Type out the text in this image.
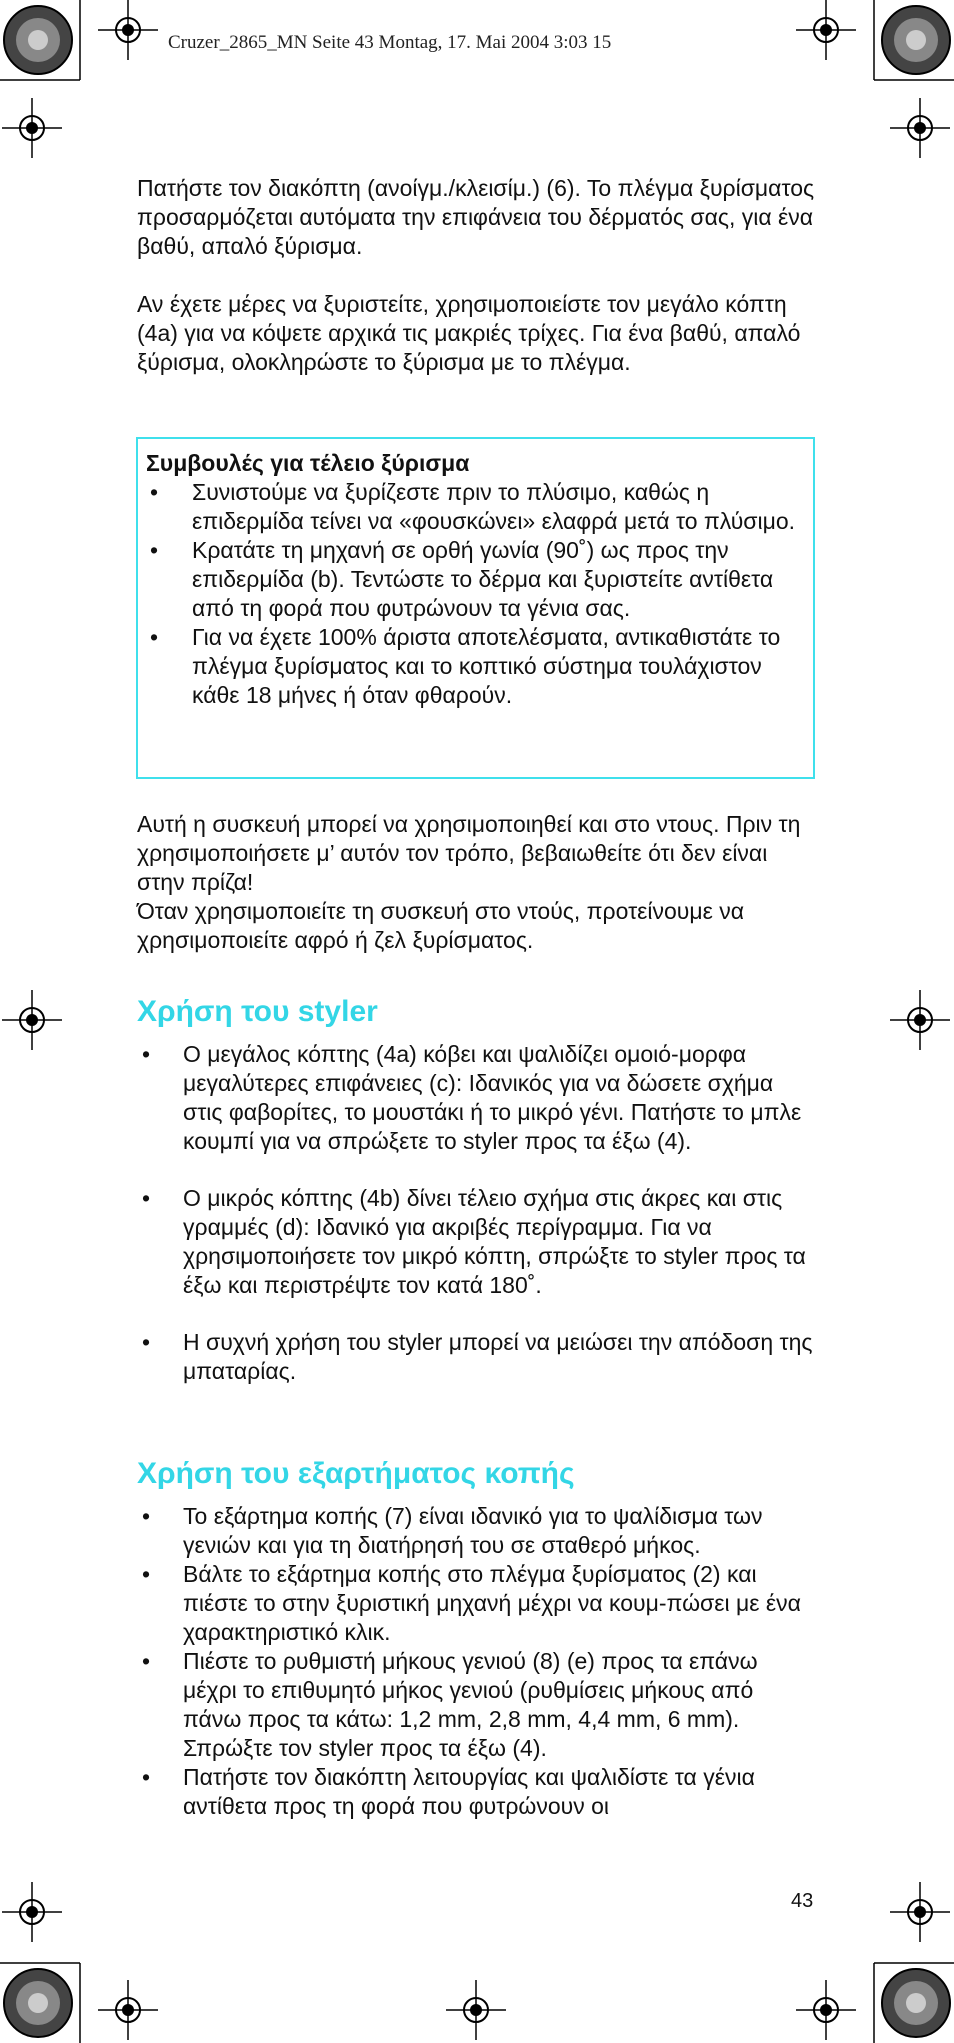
Cruzer_2865_MN Seite 43 Montag, 17. Mai 2004 3:03 15

Πατήστε τον διακόπτη (ανοίγμ./κλεισίμ.) (6). Το πλέγμα ξυρίσματος προσαρμόζεται αυτόματα την επιφάνεια του δέρματός σας, για ένα βαθύ, απαλό ξύρισμα.

Αν έχετε μέρες να ξυριστείτε, χρησιμοποιείστε τον μεγάλο κόπτη (4a) για να κόψετε αρχικά τις μακριές τρίχες. Για ένα βαθύ, απαλό ξύρισμα, ολοκληρώστε το ξύρισμα με το πλέγμα.

Συμβουλές για τέλειο ξύρισμα
• Συνιστούμε να ξυρίζεστε πριν το πλύσιμο, καθώς η επιδερμίδα τείνει να «φουσκώνει» ελαφρά μετά το πλύσιμο.
• Κρατάτε τη μηχανή σε ορθή γωνία (90˚) ως προς την επιδερμίδα (b). Τεντώστε το δέρμα και ξυριστείτε αντίθετα από τη φορά που φυτρώνουν τα γένια σας.
• Για να έχετε 100% άριστα αποτελέσματα, αντικαθιστάτε το πλέγμα ξυρίσματος και το κοπτικό σύστημα τουλάχιστον κάθε 18 μήνες ή όταν φθαρούν.

Αυτή η συσκευή μπορεί να χρησιμοποιηθεί και στο ντους. Πριν τη χρησιμοποιήσετε μ’ αυτόν τον τρόπο, βεβαιωθείτε ότι δεν είναι στην πρίζα!

Όταν χρησιμοποιείτε τη συσκευή στο ντούς, προτείνουμε να χρησιμοποιείτε αφρό ή ζελ ξυρίσματος.

Χρήση του styler
• Ο μεγάλος κόπτης (4a) κόβει και ψαλιδίζει ομοιό-μορφα μεγαλύτερες επιφάνειες (c): Ιδανικός για να δώσετε σχήμα στις φαβορίτες, το μουστάκι ή το μικρό γένι. Πατήστε το μπλε κουμπί για να σπρώξετε το styler προς τα έξω (4).
• Ο μικρός κόπτης (4b) δίνει τέλειο σχήμα στις άκρες και στις γραμμές (d): Ιδανικό για ακριβές περίγραμμα. Για να χρησιμοποιήσετε τον μικρό κόπτη, σπρώξτε το styler προς τα έξω και περιστρέψτε τον κατά 180˚.
• Η συχνή χρήση του styler μπορεί να μειώσει την απόδοση της μπαταρίας.
Χρήση του εξαρτήματος κοπής
• Το εξάρτημα κοπής (7) είναι ιδανικό για το ψαλίδισμα των γενιών και για τη διατήρησή του σε σταθερό μήκος.
• Βάλτε το εξάρτημα κοπής στο πλέγμα ξυρίσματος (2) και πιέστε το στην ξυριστική μηχανή μέχρι να κουμ-πώσει με ένα χαρακτηριστικό κλικ.
• Πιέστε το ρυθμιστή μήκους γενιού (8) (e) προς τα επάνω μέχρι το επιθυμητό μήκος γενιού (ρυθμίσεις μήκους από πάνω προς τα κάτω: 1,2 mm, 2,8 mm, 4,4 mm, 6 mm). Σπρώξτε τον styler προς τα έξω (4).
• Πατήστε τον διακόπτη λειτουργίας και ψαλιδίστε τα γένια αντίθετα προς τη φορά που φυτρώνουν οι
43
